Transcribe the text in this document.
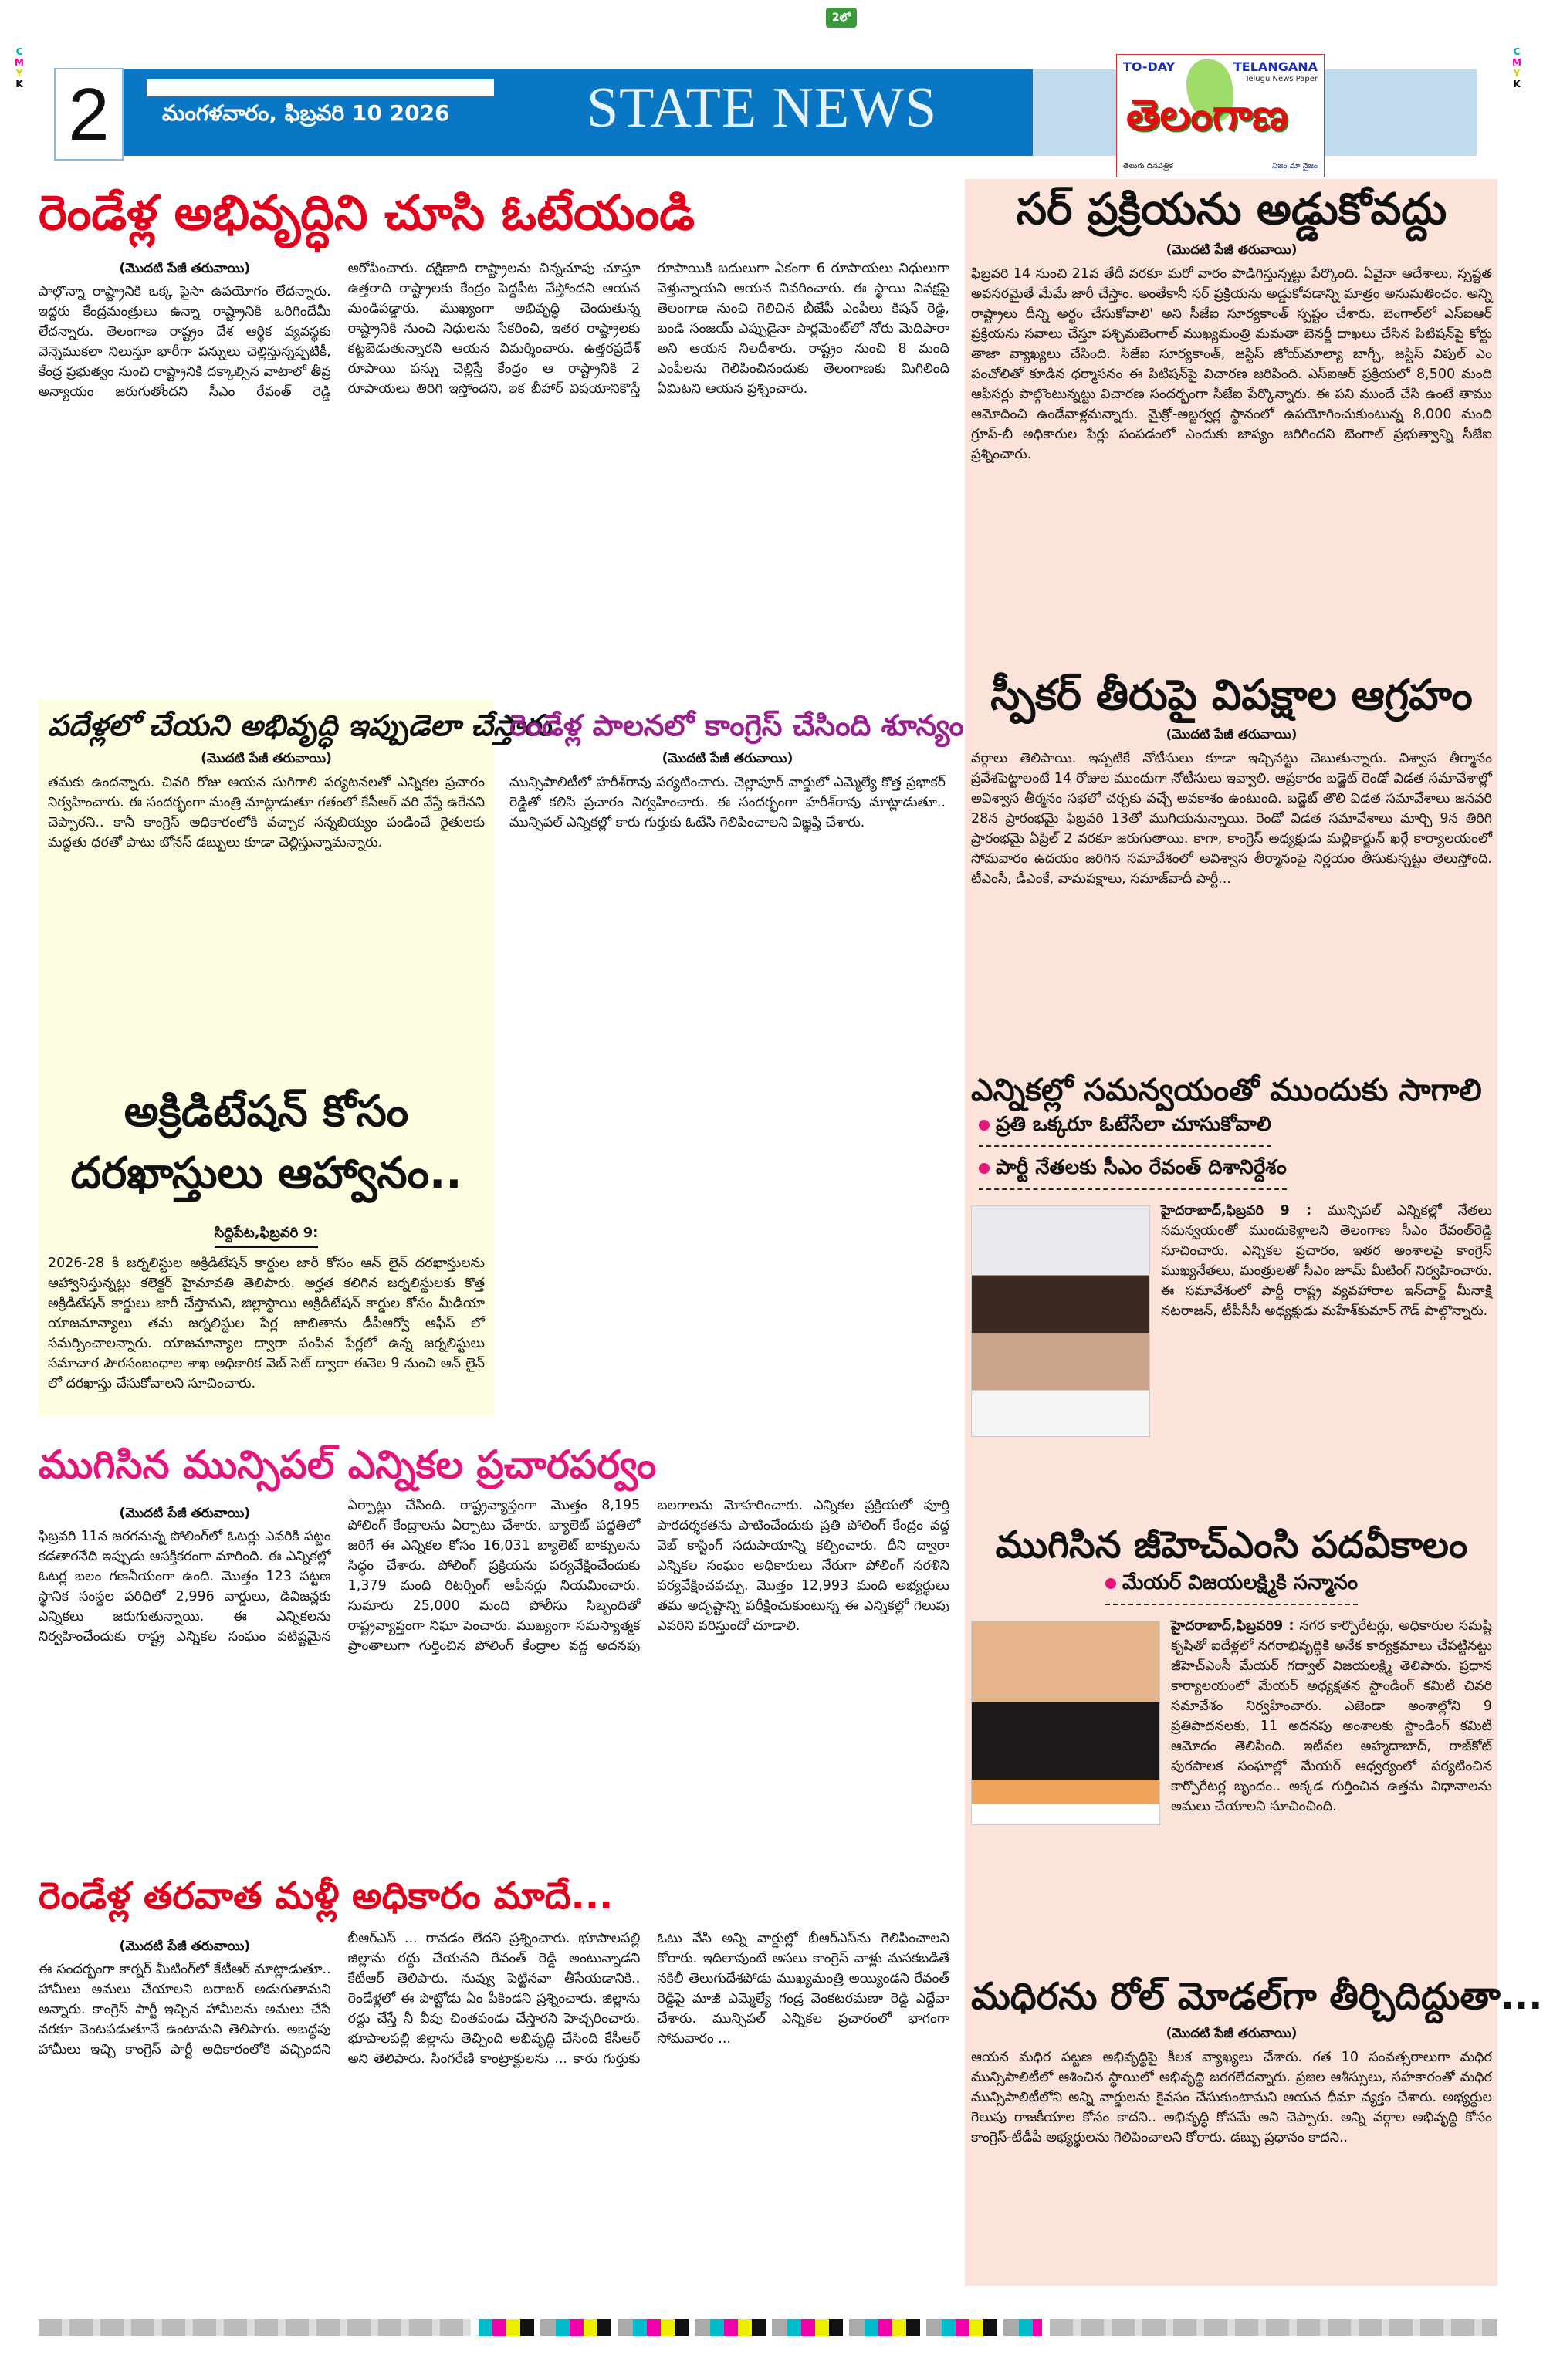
2లో
C
M
Y
K
C
M
Y
K
2	మంగళవారం, ఫిబ్రవరి 10 2026 STATE NEWS
TO-DAY	TELANGANA
Telugu News Paper
తెలంగాణ
తెలుగు దినపత్రిక	నిజం మా నైజం
రెండేళ్ల అభివృద్ధిని చూసి ఓటేయండి
(మొదటి పేజీ తరువాయి)
పాల్గొన్నా రాష్ట్రానికి ఒక్క పైసా ఉపయోగం లేదన్నారు. ఇద్దరు కేంద్రమంత్రులు ఉన్నా రాష్ట్రానికి ఒరిగిందేమీ లేదన్నారు. తెలంగాణ రాష్ట్రం దేశ ఆర్థిక వ్యవస్థకు వెన్నెముకలా నిలుస్తూ భారీగా పన్నులు చెల్లిస్తున్నప్పటికీ, కేంద్ర ప్రభుత్వం నుంచి రాష్ట్రానికి దక్కాల్సిన వాటాలో తీవ్ర అన్యాయం జరుగుతోందని సీఎం రేవంత్ రెడ్డి ఆరోపించారు. దక్షిణాది రాష్ట్రాలను చిన్నచూపు చూస్తూ ఉత్తరాది రాష్ట్రాలకు కేంద్రం పెద్దపీట వేస్తోందని ఆయన మండిపడ్డారు. ముఖ్యంగా అభివృద్ధి చెందుతున్న రాష్ట్రానికి నుంచి నిధులను సేకరించి, ఇతర రాష్ట్రాలకు కట్టబెడుతున్నారని ఆయన విమర్శించారు. ఉత్తరప్రదేశ్ రూపాయి పన్ను చెల్లిస్తే కేంద్రం ఆ రాష్ట్రానికి 2 రూపాయలు తిరిగి ఇస్తోందని, ఇక బీహార్ విషయానికొస్తే రూపాయికి బదులుగా ఏకంగా 6 రూపాయలు నిధులుగా వెళ్తున్నాయని ఆయన వివరించారు. ఈ స్థాయి వివక్షపై తెలంగాణ నుంచి గెలిచిన బీజేపీ ఎంపీలు కిషన్ రెడ్డి, బండి సంజయ్ ఎప్పుడైనా పార్లమెంట్‌లో నోరు మెదిపారా అని ఆయన నిలదీశారు. రాష్ట్రం నుంచి 8 మంది ఎంపీలను గెలిపించినందుకు తెలంగాణకు మిగిలింది ఏమిటని ఆయన ప్రశ్నించారు.
పదేళ్లలో చేయని అభివృద్ధి ఇప్పుడెలా చేస్తారు
(మొదటి పేజీ తరువాయి)
తమకు ఉందన్నారు. చివరి రోజు ఆయన సుగిగాలి పర్యటనలతో ఎన్నికల ప్రచారం నిర్వహించారు. ఈ సందర్భంగా మంత్రి మాట్లాడుతూ గతంలో కేసీఆర్ వరి వేస్తే ఉరేనని చెప్పారని.. కానీ కాంగ్రెస్ అధికారంలోకి వచ్చాక సన్నబియ్యం పండించే రైతులకు మద్దతు ధరతో పాటు బోనస్ డబ్బులు కూడా చెల్లిస్తున్నామన్నారు.
అక్రిడిటేషన్ కోసం
దరఖాస్తులు ఆహ్వానం..
సిద్దిపేట,ఫిబ్రవరి 9:
2026-28 కి జర్నలిస్టుల అక్రిడిటేషన్ కార్డుల జారీ కోసం ఆన్ లైన్ దరఖాస్తులను ఆహ్వానిస్తున్నట్లు కలెక్టర్ హైమావతి తెలిపారు. అర్హత కలిగిన జర్నలిస్టులకు కొత్త అక్రిడిటేషన్ కార్డులు జారీ చేస్తామని, జిల్లాస్థాయి అక్రిడిటేషన్ కార్డుల కోసం మీడియా యాజమాన్యాలు తమ జర్నలిస్టుల పేర్ల జాబితాను డీపీఆర్వో ఆఫీస్ లో సమర్పించాలన్నారు. యాజమాన్యాల ద్వారా పంపిన పేర్లలో ఉన్న జర్నలిస్టులు సమాచార పౌరసంబంధాల శాఖ అధికారిక వెబ్ సెట్ ద్వారా ఈనెల 9 నుంచి ఆన్ లైన్ లో దరఖాస్తు చేసుకోవాలని సూచించారు.
రెండేళ్ల పాలనలో కాంగ్రెస్ చేసింది శూన్యం
(మొదటి పేజీ తరువాయి)
మున్సిపాలిటీలో హరీశ్‌రావు పర్యటించారు. చెల్లాపూర్ వార్డులో ఎమ్మెల్యే కొత్త ప్రభాకర్ రెడ్డితో కలిసి ప్రచారం నిర్వహించారు. ఈ సందర్భంగా హరీశ్‌రావు మాట్లాడుతూ.. మున్సిపల్ ఎన్నికల్లో కారు గుర్తుకు ఓటేసి గెలిపించాలని విజ్ఞప్తి చేశారు.
ముగిసిన మున్సిపల్ ఎన్నికల ప్రచారపర్వం
(మొదటి పేజీ తరువాయి)
ఫిబ్రవరి 11న జరగనున్న పోలింగ్‌లో ఓటర్లు ఎవరికి పట్టం కడతారనేది ఇప్పుడు ఆసక్తికరంగా మారింది. ఈ ఎన్నికల్లో ఓటర్ల బలం గణనీయంగా ఉంది. మొత్తం 123 పట్టణ స్థానిక సంస్థల పరిధిలో 2,996 వార్డులు, డివిజన్లకు ఎన్నికలు జరుగుతున్నాయి. ఈ ఎన్నికలను నిర్వహించేందుకు రాష్ట్ర ఎన్నికల సంఘం పటిష్టమైన ఏర్పాట్లు చేసింది. రాష్ట్రవ్యాప్తంగా మొత్తం 8,195 పోలింగ్ కేంద్రాలను ఏర్పాటు చేశారు. బ్యాలెట్ పద్ధతిలో జరిగే ఈ ఎన్నికల కోసం 16,031 బ్యాలెట్ బాక్సులను సిద్ధం చేశారు. పోలింగ్ ప్రక్రియను పర్యవేక్షించేందుకు 1,379 మంది రిటర్నింగ్ ఆఫీసర్లు నియమించారు. సుమారు 25,000 మంది పోలీసు సిబ్బందితో రాష్ట్రవ్యాప్తంగా నిఘా పెంచారు. ముఖ్యంగా సమస్యాత్మక ప్రాంతాలుగా గుర్తించిన పోలింగ్ కేంద్రాల వద్ద అదనపు బలగాలను మోహరించారు. ఎన్నికల ప్రక్రియలో పూర్తి పారదర్శకతను పాటించేందుకు ప్రతి పోలింగ్ కేంద్రం వద్ద వెబ్ కాస్టింగ్ సదుపాయాన్ని కల్పించారు. దీని ద్వారా ఎన్నికల సంఘం అధికారులు నేరుగా పోలింగ్ సరళిని పర్యవేక్షించవచ్చు. మొత్తం 12,993 మంది అభ్యర్థులు తమ అదృష్టాన్ని పరీక్షించుకుంటున్న ఈ ఎన్నికల్లో గెలుపు ఎవరిని వరిస్తుందో చూడాలి.
రెండేళ్ల తరవాత మళ్లీ అధికారం మాదే...
(మొదటి పేజీ తరువాయి)
ఈ సందర్భంగా కార్నర్ మీటింగ్‌లో కేటీఆర్ మాట్లాడుతూ.. హామీలు అమలు చేయాలని బరాబర్ అడుగుతామని అన్నారు. కాంగ్రెస్ పార్టీ ఇచ్చిన హామీలను అమలు చేసే వరకూ వెంటపడుతూనే ఉంటామని తెలిపారు. అబద్ధపు హామీలు ఇచ్చి కాంగ్రెస్ పార్టీ అధికారంలోకి వచ్చిందని బీఆర్ఎస్ ... రావడం లేదని ప్రశ్నించారు. భూపాలపల్లి జిల్లాను రద్దు చేయనని రేవంత్ రెడ్డి అంటున్నాడని కేటీఆర్ తెలిపారు. నువ్వు పెట్టినవా తీసేయడానికి.. రెండేళ్లలో ఈ పొట్టోడు ఏం పీకిండని ప్రశ్నించారు. జిల్లాను రద్దు చేస్తే నీ వీపు చింతపండు చేస్తారని హెచ్చరించారు. భూపాలపల్లి జిల్లాను తెచ్చింది అభివృద్ధి చేసింది కేసీఆర్ అని తెలిపారు. సింగరేణి కాంట్రాక్టులను ... కారు గుర్తుకు ఓటు వేసి అన్ని వార్డుల్లో బీఆర్ఎస్‌ను గెలిపించాలని కోరారు. ఇదిలావుంటే అసలు కాంగ్రెస్ వాళ్లు మసకబడితే నకిలీ తెలుగుదేశపోడు ముఖ్యమంత్రి అయ్యిండని రేవంత్ రెడ్డిపై మాజీ ఎమ్మెల్యే గండ్ర వెంకటరమణా రెడ్డి ఎద్దేవా చేశారు. మున్సిపల్ ఎన్నికల ప్రచారంలో భాగంగా సోమవారం ...
సర్ ప్రక్రియను అడ్డుకోవద్దు
(మొదటి పేజీ తరువాయి)
ఫిబ్రవరి 14 నుంచి 21వ తేదీ వరకూ మరో వారం పొడిగిస్తున్నట్టు పేర్కొంది. ఏవైనా ఆదేశాలు, స్పష్టత అవసరమైతే మేమే జారీ చేస్తాం. అంతేకానీ సర్ ప్రక్రియను అడ్డుకోవడాన్ని మాత్రం అనుమతించం. అన్ని రాష్ట్రాలు దీన్ని అర్థం చేసుకోవాలి' అని సీజేఐ సూర్యకాంత్ స్పష్టం చేశారు. బెంగాల్‌లో ఎస్ఐఆర్ ప్రక్రియను సవాలు చేస్తూ పశ్చిమబెంగాల్ ముఖ్యమంత్రి మమతా బెనర్జీ దాఖలు చేసిన పిటిషన్‌పై కోర్టు తాజా వ్యాఖ్యలు చేసింది. సీజేఐ సూర్యకాంత్, జస్టిస్ జోయ్‌మాల్యా బాగ్చీ, జస్టిస్ విపుల్ ఎం పంచోలితో కూడిన ధర్మాసనం ఈ పిటిషన్‌పై విచారణ జరిపింది. ఎస్ఐఆర్ ప్రక్రియలో 8,500 మంది ఆఫీసర్లు పాల్గొంటున్నట్టు విచారణ సందర్భంగా సీజేఐ పేర్కొన్నారు. ఈ పని ముందే చేసి ఉంటే తాము ఆమోదించి ఉండేవాళ్లమన్నారు. మైక్రో-అబ్జర్వర్ల స్థానంలో ఉపయోగించుకుంటున్న 8,000 మంది గ్రూప్-బీ అధికారుల పేర్లు పంపడంలో ఎందుకు జాప్యం జరిగిందని బెంగాల్ ప్రభుత్వాన్ని సీజేఐ ప్రశ్నించారు.
స్పీకర్ తీరుపై విపక్షాల ఆగ్రహం
(మొదటి పేజీ తరువాయి)
వర్గాలు తెలిపాయి. ఇప్పటికే నోటీసులు కూడా ఇచ్చినట్టు చెబుతున్నారు. విశ్వాస తీర్మానం ప్రవేశపెట్టాలంటే 14 రోజుల ముందుగా నోటీసులు ఇవ్వాలి. ఆప్రకారం బడ్జెట్ రెండో విడత సమావేశాల్లో అవిశ్వాస తీర్మనం సభలో చర్చకు వచ్చే అవకాశం ఉంటుంది. బడ్జెట్ తొలి విడత సమావేశాలు జనవరి 28న ప్రారంభమై ఫిబ్రవరి 13తో ముగియనున్నాయి. రెండో విడత సమావేశాలు మార్చి 9న తిరిగి ప్రారంభమై ఏప్రిల్ 2 వరకూ జరుగుతాయి. కాగా, కాంగ్రెస్ అధ్యక్షుడు మల్లికార్జున్ ఖర్గే కార్యాలయంలో సోమవారం ఉదయం జరిగిన సమావేశంలో అవిశ్వాస తీర్మానంపై నిర్ణయం తీసుకున్నట్టు తెలుస్తోంది. టీఎంసీ, డీఎంకే, వామపక్షాలు, సమాజ్‌వాదీ పార్టీ...
ఎన్నికల్లో సమన్వయంతో ముందుకు సాగాలి
ప్రతి ఒక్కరూ ఓటేసేలా చూసుకోవాలి
పార్టీ నేతలకు సీఎం రేవంత్ దిశానిర్దేశం
హైదరాబాద్,ఫిబ్రవరి 9 : మున్సిపల్ ఎన్నికల్లో నేతలు సమన్వయంతో ముందుకెళ్లాలని తెలంగాణ సీఎం రేవంత్‌రెడ్డి సూచించారు. ఎన్నికల ప్రచారం, ఇతర అంశాలపై కాంగ్రెస్ ముఖ్యనేతలు, మంత్రులతో సీఎం జూమ్ మీటింగ్ నిర్వహించారు. ఈ సమావేశంలో పార్టీ రాష్ట్ర వ్యవహారాల ఇన్‌చార్జ్ మీనాక్షి నటరాజన్, టీపీసీసీ అధ్యక్షుడు మహేశ్‌కుమార్ గౌడ్ పాల్గొన్నారు.
ముగిసిన జీహెచ్ఎంసి పదవీకాలం
మేయర్ విజయలక్ష్మికి సన్మానం
హైదరాబాద్,ఫిబ్రవరి9 : నగర కార్పొరేటర్లు, అధికారుల సమష్టి కృషితో ఐదేళ్లలో నగరాభివృద్ధికి అనేక కార్యక్రమాలు చేపట్టినట్టు జీహెచ్ఎంసీ మేయర్ గద్వాల్ విజయలక్ష్మి తెలిపారు. ప్రధాన కార్యాలయంలో మేయర్ అధ్యక్షతన స్టాండింగ్ కమిటీ చివరి సమావేశం నిర్వహించారు. ఎజెండా అంశాల్లోని 9 ప్రతిపాదనలకు, 11 అదనపు అంశాలకు స్టాండింగ్ కమిటీ ఆమోదం తెలిపింది. ఇటీవల అహ్మదాబాద్, రాజ్‌కోట్ పురపాలక సంఘాల్లో మేయర్ ఆధ్వర్యంలో పర్యటించిన కార్పొరేటర్ల బృందం.. అక్కడ గుర్తించిన ఉత్తమ విధానాలను అమలు చేయాలని సూచించింది.
మధిరను రోల్ మోడల్‌గా తీర్చిదిద్దుతా...
(మొదటి పేజీ తరువాయి)
ఆయన మధిర పట్టణ అభివృద్ధిపై కీలక వ్యాఖ్యలు చేశారు. గత 10 సంవత్సరాలుగా మధిర మున్సిపాలిటీలో ఆశించిన స్థాయిలో అభివృద్ధి జరగలేదన్నారు. ప్రజల ఆశీస్సులు, సహకారంతో మధిర మున్సిపాలిటీలోని అన్ని వార్డులను కైవసం చేసుకుంటామని ఆయన ధీమా వ్యక్తం చేశారు. అభ్యర్థుల గెలుపు రాజకీయాల కోసం కాదని.. అభివృద్ధి కోసమే అని చెప్పారు. అన్ని వర్గాల అభివృద్ధి కోసం కాంగ్రెస్-టీడీపీ అభ్యర్థులను గెలిపించాలని కోరారు. డబ్బు ప్రధానం కాదని..
